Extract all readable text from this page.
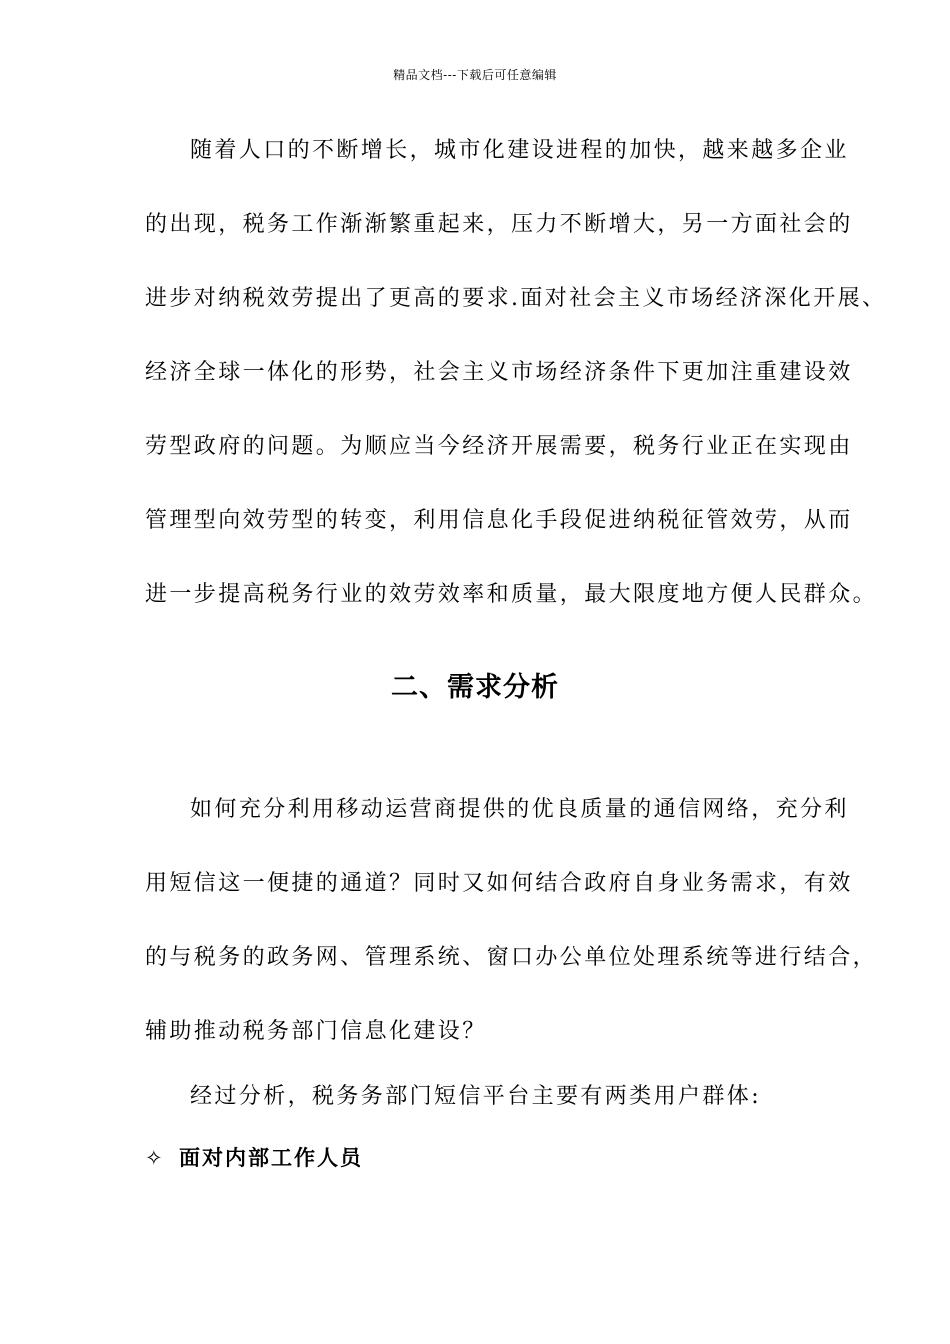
精品文档---下载后可任意编辑
随着人口的不断增长，城市化建设进程的加快，越来越多企业
的出现，税务工作渐渐繁重起来，压力不断增大，另一方面社会的
进步对纳税效劳提出了更高的要求.面对社会主义市场经济深化开展、
经济全球一体化的形势，社会主义市场经济条件下更加注重建设效
劳型政府的问题。为顺应当今经济开展需要，税务行业正在实现由
管理型向效劳型的转变，利用信息化手段促进纳税征管效劳，从而
进一步提高税务行业的效劳效率和质量，最大限度地方便人民群众。
二、需求分析
如何充分利用移动运营商提供的优良质量的通信网络，充分利
用短信这一便捷的通道？同时又如何结合政府自身业务需求，有效
的与税务的政务网、管理系统、窗口办公单位处理系统等进行结合，
辅助推动税务部门信息化建设？
经过分析，税务务部门短信平台主要有两类用户群体:
✧ 面对内部工作人员
